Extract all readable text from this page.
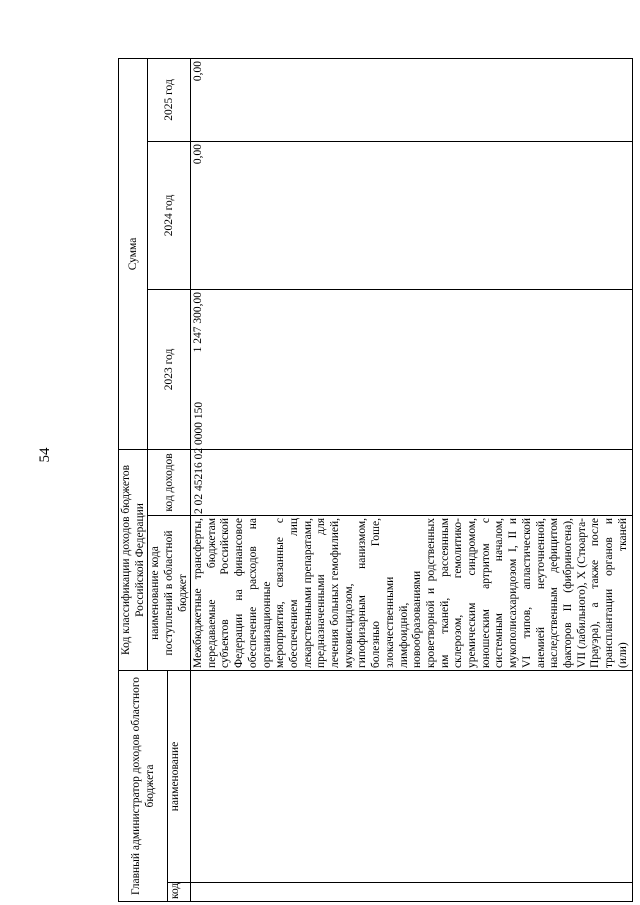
54
Главный администратор доходов областного бюджета		Код классификации доходов бюджетов Российской Федерации		Сумма		
		наименование кода поступлений в областной бюджет	код доходов	2023 год	2024 год	2025 год
код	наименование					
		Межбюджетные трансферты, передаваемые бюджетам субъектов Российской Федерации на финансовое обеспечение расходов на организационные мероприятия, связанные с обеспечением лиц лекарственными препаратами, предназначенными для лечения больных гемофилией, муковисцидозом, гипофизарным нанизмом, болезнью Гоше, злокачественными лимфоидной, новообразованиями кроветворной и родственных им тканей, рассеянным склерозом, гемолитико-уремическим синдромом, юношеским артритом с системным началом, мукополисахаридозом I, II и VI типов, апластической анемией неуточненной, наследственным дефицитом факторов II (фибриногена), VII (лабильного), X (Стюарта-Прауэра), а также после трансплантации органов и (или) тканей	2 02 45216 02 0000 150	1 247 300,00	0,00	0,00
